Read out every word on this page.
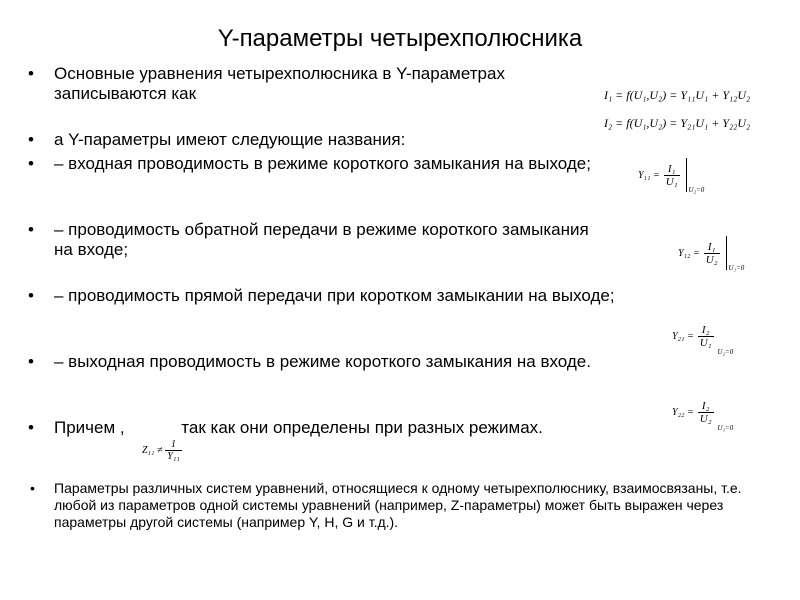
Y-параметры четырехполюсника
• Основные уравнения четырехполюсника в Y-параметрах записываются как
• а Y-параметры имеют следующие названия:
• – входная проводимость в режиме короткого замыкания на выходе;
• – проводимость обратной передачи в режиме короткого замыкания на входе;
• – проводимость прямой передачи при коротком замыкании на выходе;
• – выходная проводимость в режиме короткого замыкания на входе.
• Причем ,            так как они определены при разных режимах.
• Параметры различных систем уравнений, относящиеся к одному четырехполюснику, взаимосвязаны, т.е. любой из параметров одной системы уравнений (например, Z-параметры) может быть выражен через параметры другой системы (например Y, H, G и т.д.).
I₁ = f(U₁,U₂) = Y₁₁U₁ + Y₁₂U₂
I₂ = f(U₁,U₂) = Y₂₁U₁ + Y₂₂U₂
$Y_{11} = \frac{\text{I₁}}{\text{U₁}}$

U₂=0
$Y_{12} = \frac{\text{I₁}}{\text{U₂}}$

U₁=0
$Y_{21} = \frac{\text{I₂}}{\text{U₁}}$
U₂=0
$Y_{22} = \frac{\text{I₂}}{\text{U₂}}$
U₁=0
$Z_{11} \ne \frac{1}{\text{Y₁₁}}$
